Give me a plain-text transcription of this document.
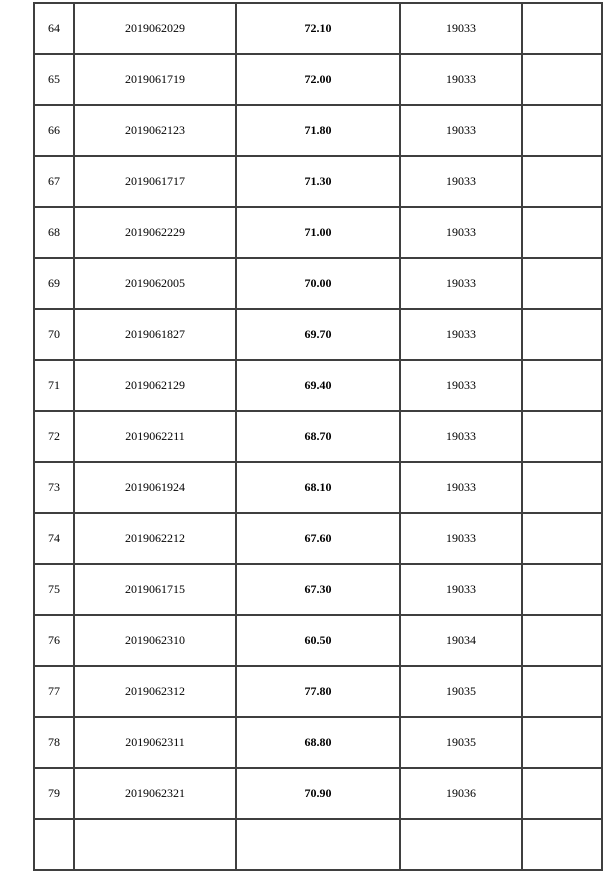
64	2019062029	72.10	19033	
65	2019061719	72.00	19033	
66	2019062123	71.80	19033	
67	2019061717	71.30	19033	
68	2019062229	71.00	19033	
69	2019062005	70.00	19033	
70	2019061827	69.70	19033	
71	2019062129	69.40	19033	
72	2019062211	68.70	19033	
73	2019061924	68.10	19033	
74	2019062212	67.60	19033	
75	2019061715	67.30	19033	
76	2019062310	60.50	19034	
77	2019062312	77.80	19035	
78	2019062311	68.80	19035	
79	2019062321	70.90	19036	
